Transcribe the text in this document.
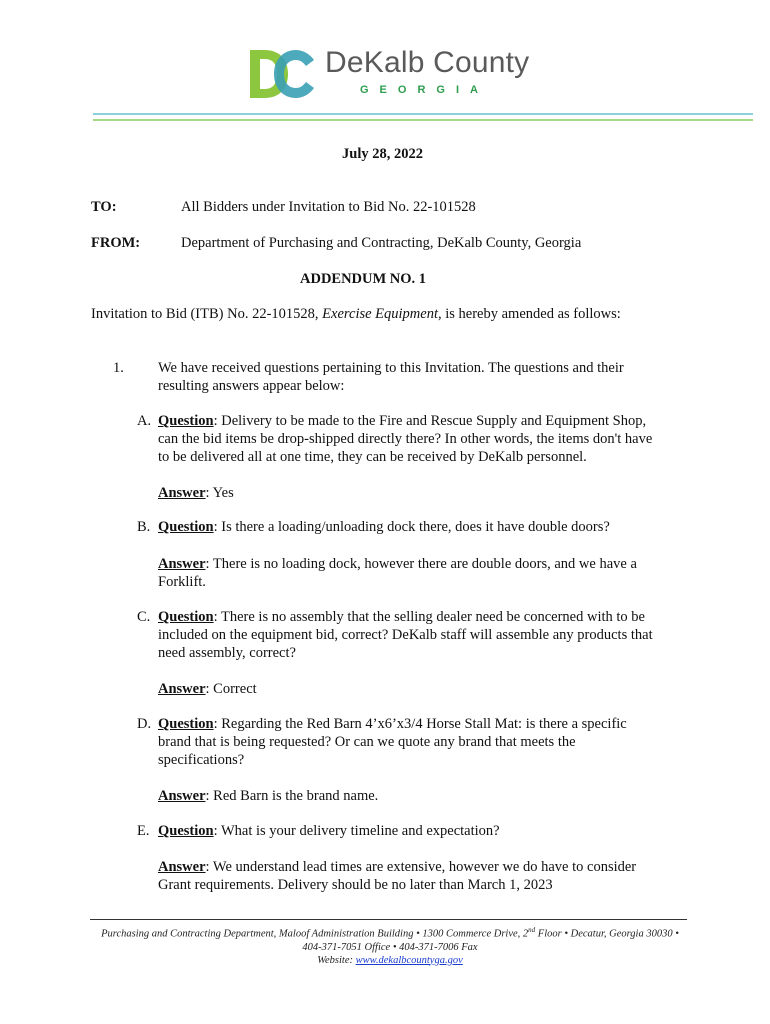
DeKalb County
GEORGIA
July 28, 2022
TO:	All Bidders under Invitation to Bid No. 22-101528
FROM:	Department of Purchasing and Contracting, DeKalb County, Georgia
ADDENDUM NO. 1
Invitation to Bid (ITB) No. 22-101528, Exercise Equipment, is hereby amended as follows:
1. We have received questions pertaining to this Invitation. The questions and their
resulting answers appear below:
A. Question: Delivery to be made to the Fire and Rescue Supply and Equipment Shop,
can the bid items be drop-shipped directly there? In other words, the items don't have
to be delivered all at one time, they can be received by DeKalb personnel.
Answer: Yes
B. Question: Is there a loading/unloading dock there, does it have double doors?
Answer: There is no loading dock, however there are double doors, and we have a
Forklift.
C. Question: There is no assembly that the selling dealer need be concerned with to be
included on the equipment bid, correct? DeKalb staff will assemble any products that
need assembly, correct?
Answer: Correct
D. Question: Regarding the Red Barn 4’x6’x3/4 Horse Stall Mat: is there a specific
brand that is being requested? Or can we quote any brand that meets the
specifications?
Answer: Red Barn is the brand name.
E. Question: What is your delivery timeline and expectation?
Answer: We understand lead times are extensive, however we do have to consider
Grant requirements. Delivery should be no later than March 1, 2023
Purchasing and Contracting Department, Maloof Administration Building • 1300 Commerce Drive, 2nd Floor • Decatur, Georgia 30030 •
404-371-7051 Office • 404-371-7006 Fax
Website: www.dekalbcountyga.gov
